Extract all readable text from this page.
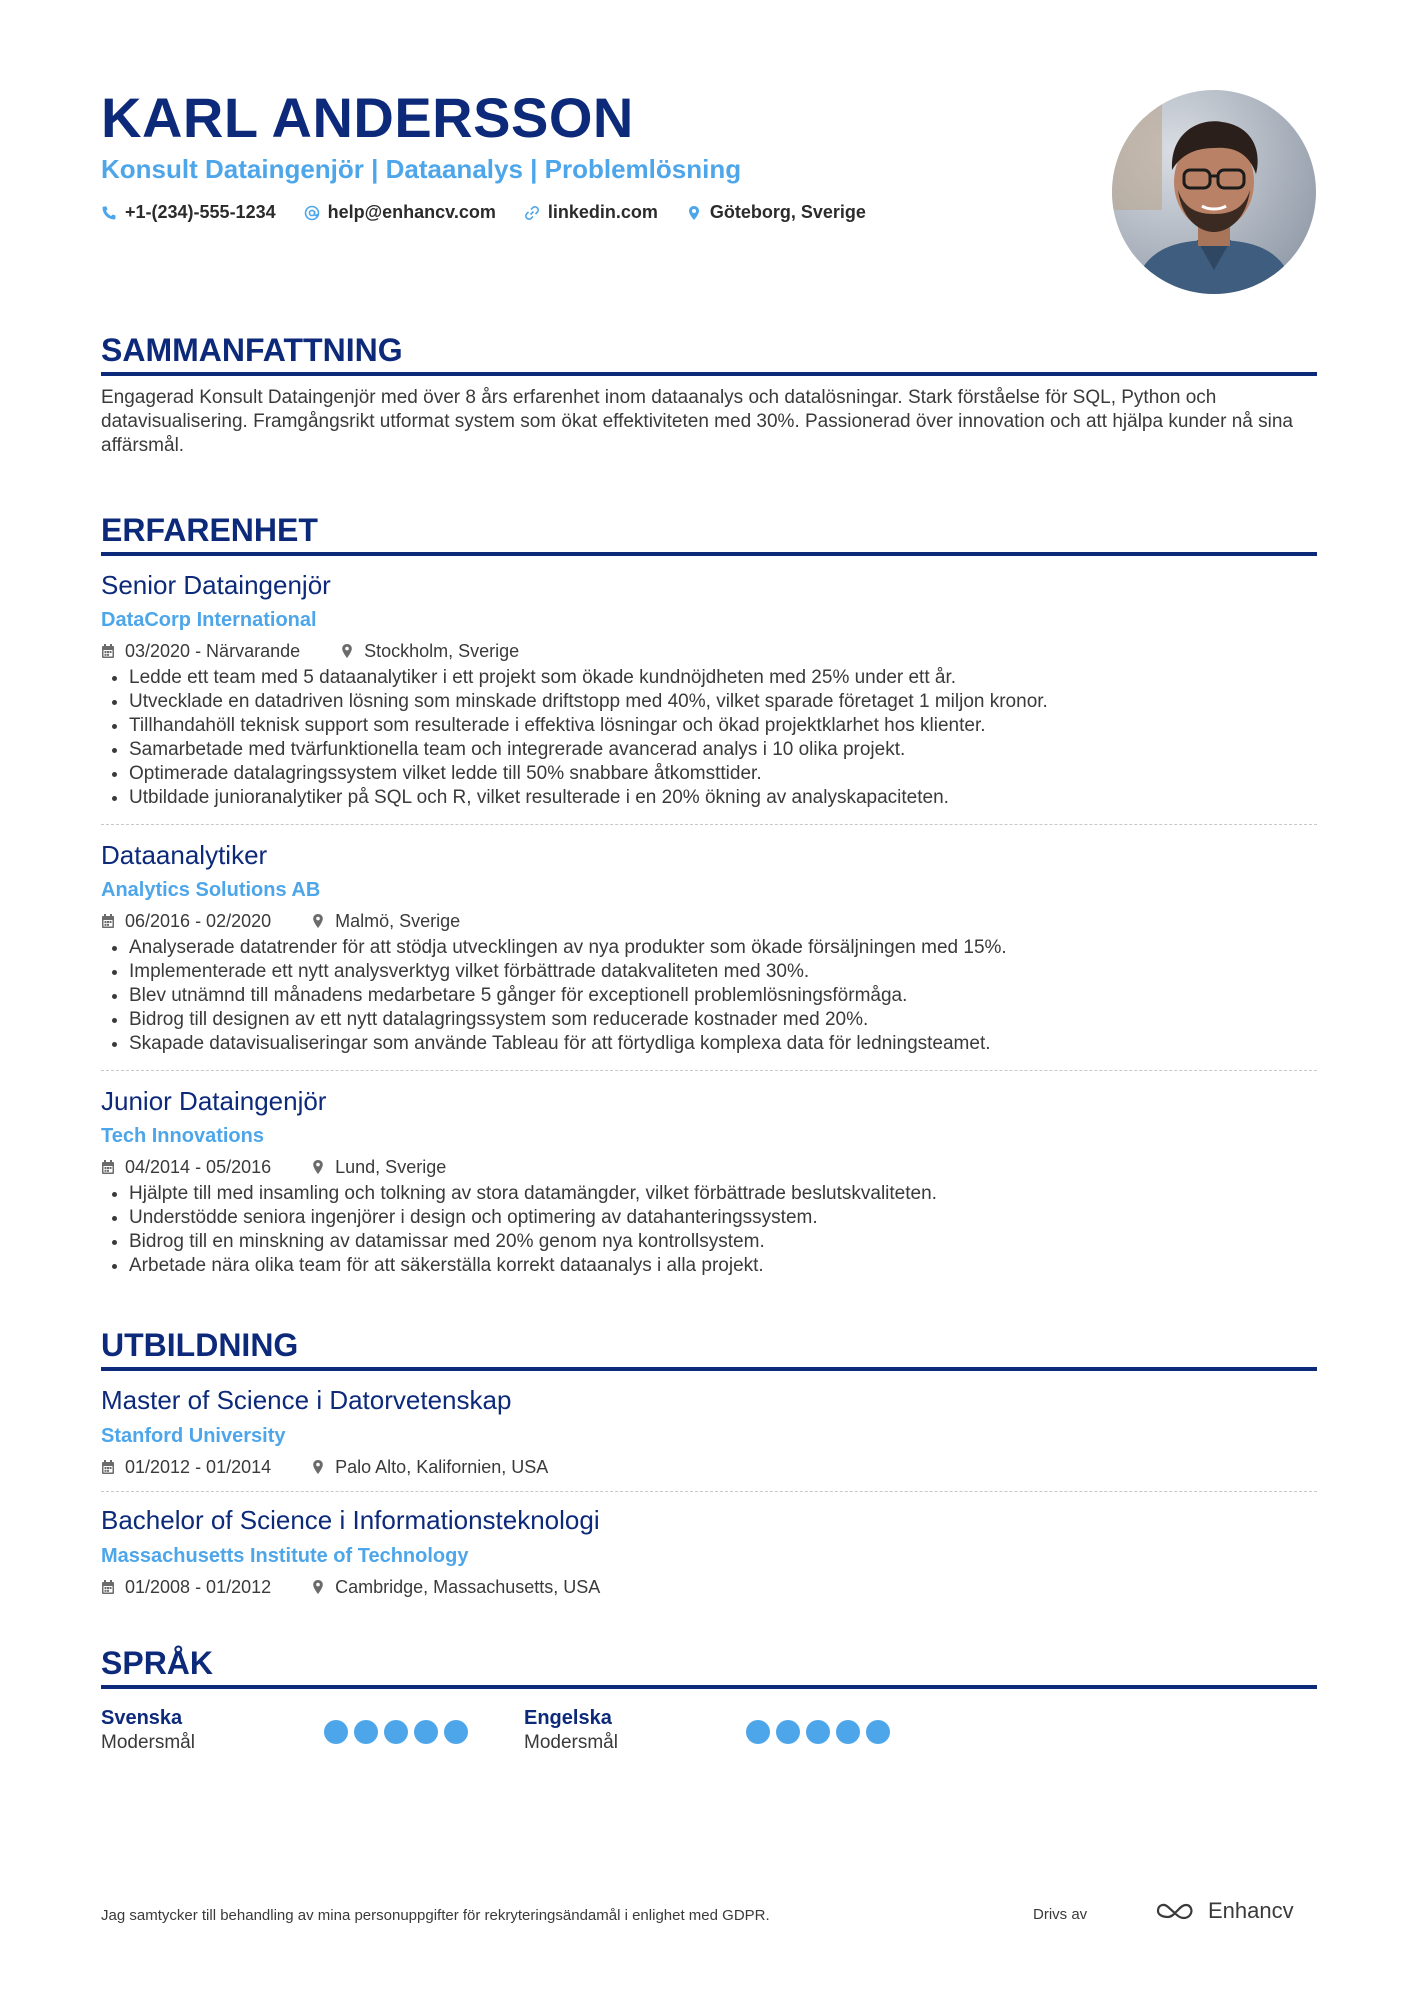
KARL ANDERSSON
Konsult Dataingenjör | Dataanalys | Problemlösning
+1-(234)-555-1234	help@enhancv.com	linkedin.com	Göteborg, Sverige
SAMMANFATTNING

Engagerad Konsult Dataingenjör med över 8 års erfarenhet inom dataanalys och datalösningar. Stark förståelse för SQL, Python och datavisualisering. Framgångsrikt utformat system som ökat effektiviteten med 30%. Passionerad över innovation och att hjälpa kunder nå sina affärsmål.

ERFARENHET
Senior Dataingenjör
DataCorp International
03/2020 - Närvarande	Stockholm, Sverige
• Ledde ett team med 5 dataanalytiker i ett projekt som ökade kundnöjdheten med 25% under ett år.
• Utvecklade en datadriven lösning som minskade driftstopp med 40%, vilket sparade företaget 1 miljon kronor.
• Tillhandahöll teknisk support som resulterade i effektiva lösningar och ökad projektklarhet hos klienter.
• Samarbetade med tvärfunktionella team och integrerade avancerad analys i 10 olika projekt.
• Optimerade datalagringssystem vilket ledde till 50% snabbare åtkomsttider.
• Utbildade junioranalytiker på SQL och R, vilket resulterade i en 20% ökning av analyskapaciteten.
Dataanalytiker
Analytics Solutions AB
06/2016 - 02/2020	Malmö, Sverige
• Analyserade datatrender för att stödja utvecklingen av nya produkter som ökade försäljningen med 15%.
• Implementerade ett nytt analysverktyg vilket förbättrade datakvaliteten med 30%.
• Blev utnämnd till månadens medarbetare 5 gånger för exceptionell problemlösningsförmåga.
• Bidrog till designen av ett nytt datalagringssystem som reducerade kostnader med 20%.
• Skapade datavisualiseringar som använde Tableau för att förtydliga komplexa data för ledningsteamet.
Junior Dataingenjör
Tech Innovations
04/2014 - 05/2016	Lund, Sverige
• Hjälpte till med insamling och tolkning av stora datamängder, vilket förbättrade beslutskvaliteten.
• Understödde seniora ingenjörer i design och optimering av datahanteringssystem.
• Bidrog till en minskning av datamissar med 20% genom nya kontrollsystem.
• Arbetade nära olika team för att säkerställa korrekt dataanalys i alla projekt.
UTBILDNING
Master of Science i Datorvetenskap
Stanford University
01/2012 - 01/2014	Palo Alto, Kalifornien, USA
Bachelor of Science i Informationsteknologi
Massachusetts Institute of Technology
01/2008 - 01/2012	Cambridge, Massachusetts, USA
SPRÅK
Svenska
Modersmål
Engelska
Modersmål
Jag samtycker till behandling av mina personuppgifter för rekryteringsändamål i enlighet med GDPR.	Drivs av	Enhancv
